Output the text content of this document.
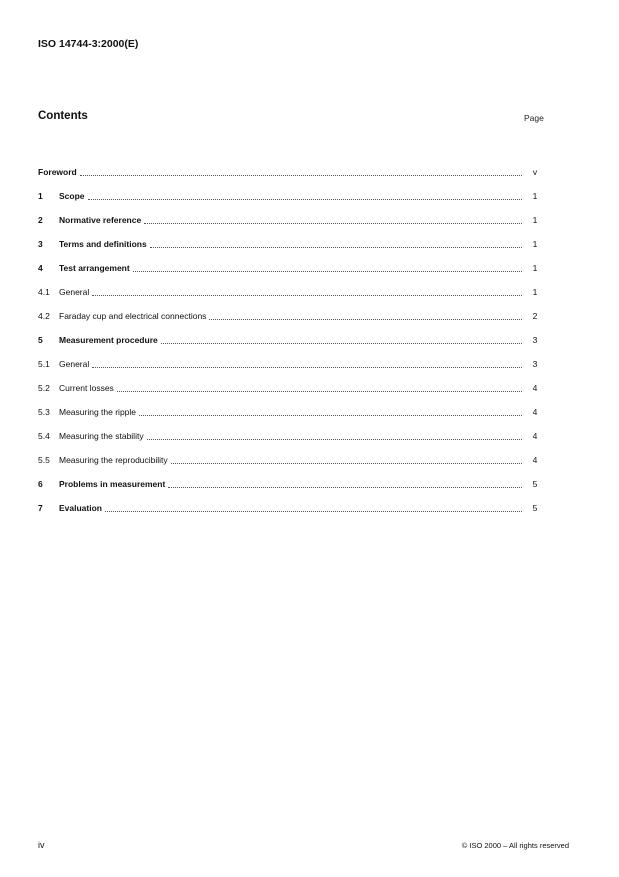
ISO 14744-3:2000(E)
Contents	Page
Foreword	v
1	Scope	1
2	Normative reference	1
3	Terms and definitions	1
4	Test arrangement	1
4.1	General	1
4.2	Faraday cup and electrical connections	2
5	Measurement procedure	3
5.1	General	3
5.2	Current losses	4
5.3	Measuring the ripple	4
5.4	Measuring the stability	4
5.5	Measuring the reproducibility	4
6	Problems in measurement	5
7	Evaluation	5
iv	© ISO 2000 – All rights reserved
